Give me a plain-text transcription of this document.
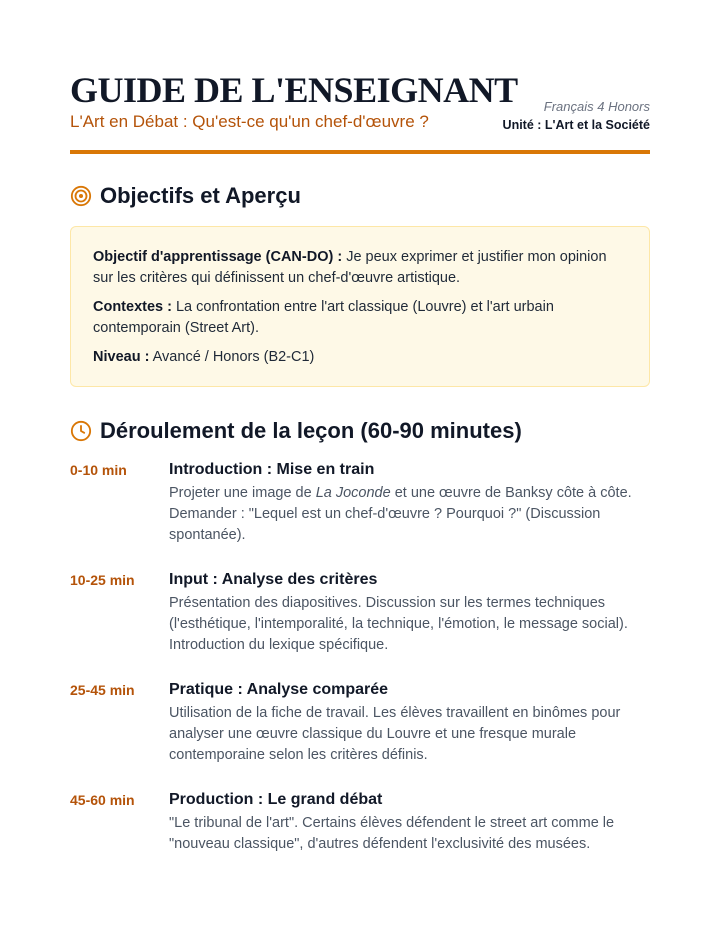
GUIDE DE L'ENSEIGNANT
L'Art en Débat : Qu'est-ce qu'un chef-d'œuvre ?
Français 4 Honors
Unité : L'Art et la Société
Objectifs et Aperçu

Objectif d'apprentissage (CAN-DO) : Je peux exprimer et justifier mon opinion sur les critères qui définissent un chef-d'œuvre artistique.

Contextes : La confrontation entre l'art classique (Louvre) et l'art urbain contemporain (Street Art).

Niveau : Avancé / Honors (B2-C1)

Déroulement de la leçon (60-90 minutes)
0-10 min	Introduction : Mise en train
Projeter une image de La Joconde et une œuvre de Banksy côte à côte. Demander : "Lequel est un chef-d'œuvre ? Pourquoi ?" (Discussion spontanée).
10-25 min	Input : Analyse des critères
Présentation des diapositives. Discussion sur les termes techniques (l'esthétique, l'intemporalité, la technique, l'émotion, le message social). Introduction du lexique spécifique.
25-45 min	Pratique : Analyse comparée
Utilisation de la fiche de travail. Les élèves travaillent en binômes pour analyser une œuvre classique du Louvre et une fresque murale contemporaine selon les critères définis.
45-60 min	Production : Le grand débat
"Le tribunal de l'art". Certains élèves défendent le street art comme le "nouveau classique", d'autres défendent l'exclusivité des musées.
